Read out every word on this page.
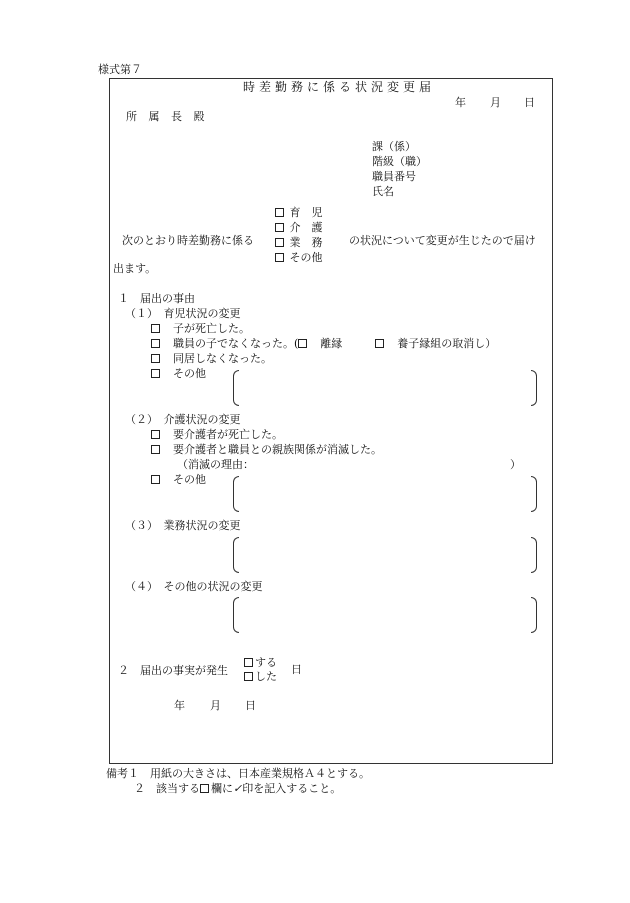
様式第７
時差勤務に係る状況変更届
年 月 日
所 属 長 殿
課（係）
階級（職）
職員番号
氏名
次のとおり時差勤務に係る
育　児
介　護
業　務
その他
の状況について変更が生じたので届け
出ます。
１　届出の事由
（１）　育児状況の変更
　子が死亡した。
　職員の子でなくなった。(　 離縁　　　　	養子縁組の取消し）
　同居しなくなった。
　その他
（２）　介護状況の変更
　要介護者が死亡した。
　要介護者と職員との親族関係が消滅した。
（消滅の理由：	）
　その他
（３）　業務状況の変更
（４）　その他の状況の変更
２　届出の事実が発生
する
した
日
年 月 日
備考１　 用紙の大きさは、日本産業規格Ａ４とする。
２　 該当する 欄に✓印を記入すること。
